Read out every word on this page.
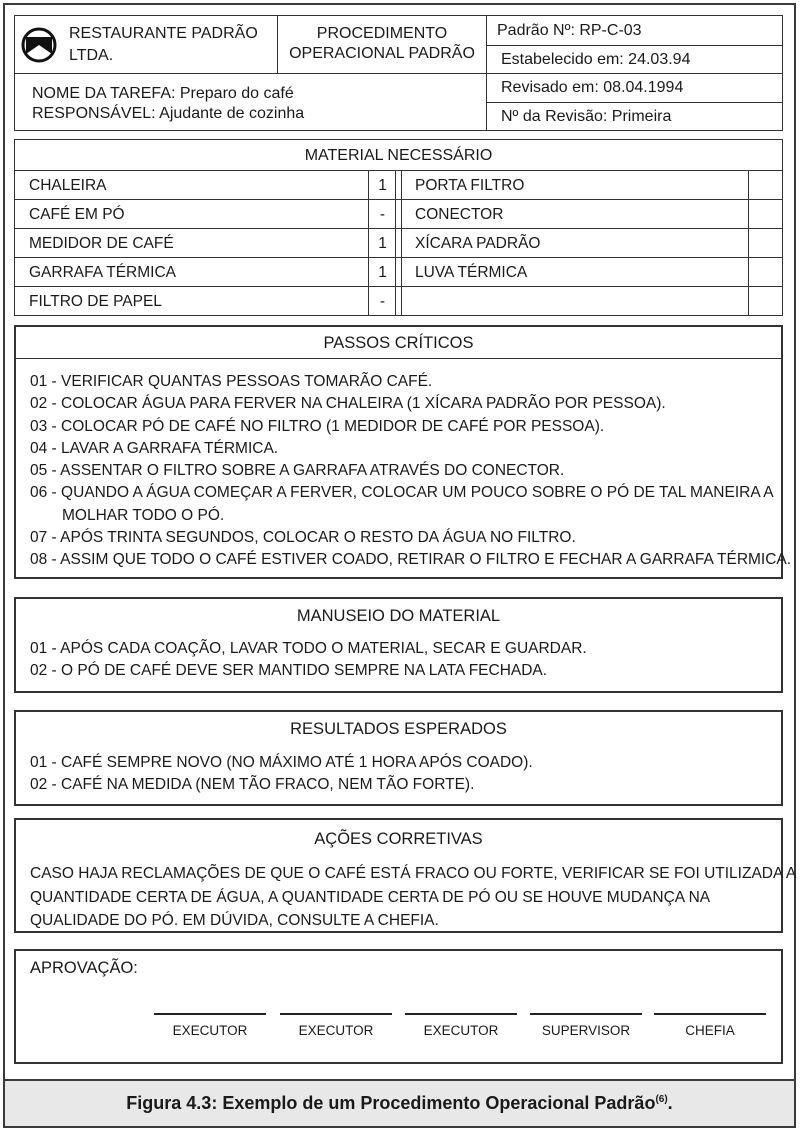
RESTAURANTE PADRÃO
LTDA.
PROCEDIMENTO
OPERACIONAL PADRÃO
NOME DA TAREFA: Preparo do café
RESPONSÁVEL: Ajudante de cozinha
Padrão Nº: RP-C-03
Estabelecido em: 24.03.94
Revisado em: 08.04.1994
Nº da Revisão: Primeira
MATERIAL NECESSÁRIO
CHALEIRA	1	PORTA FILTRO
CAFÉ EM PÓ	-	CONECTOR
MEDIDOR DE CAFÉ	1	XÍCARA PADRÃO
GARRAFA TÉRMICA	1	LUVA TÉRMICA
FILTRO DE PAPEL	-
PASSOS CRÍTICOS
01 - VERIFICAR QUANTAS PESSOAS TOMARÃO CAFÉ.
02 - COLOCAR ÁGUA PARA FERVER NA CHALEIRA (1 XÍCARA PADRÃO POR PESSOA).
03 - COLOCAR PÓ DE CAFÉ NO FILTRO (1 MEDIDOR DE CAFÉ POR PESSOA).
04 - LAVAR A GARRAFA TÉRMICA.
05 - ASSENTAR O FILTRO SOBRE A GARRAFA ATRAVÉS DO CONECTOR.
06 - QUANDO A ÁGUA COMEÇAR A FERVER, COLOCAR UM POUCO SOBRE O PÓ DE TAL MANEIRA A
MOLHAR TODO O PÓ.
07 - APÓS TRINTA SEGUNDOS, COLOCAR O RESTO DA ÁGUA NO FILTRO.
08 - ASSIM QUE TODO O CAFÉ ESTIVER COADO, RETIRAR O FILTRO E FECHAR A GARRAFA TÉRMICA.
MANUSEIO DO MATERIAL
01 - APÓS CADA COAÇÃO, LAVAR TODO O MATERIAL, SECAR E GUARDAR.
02 - O PÓ DE CAFÉ DEVE SER MANTIDO SEMPRE NA LATA FECHADA.
RESULTADOS ESPERADOS
01 - CAFÉ SEMPRE NOVO (NO MÁXIMO ATÉ 1 HORA APÓS COADO).
02 - CAFÉ NA MEDIDA (NEM TÃO FRACO, NEM TÃO FORTE).
AÇÕES CORRETIVAS
CASO HAJA RECLAMAÇÕES DE QUE O CAFÉ ESTÁ FRACO OU FORTE, VERIFICAR SE FOI UTILIZADA A
QUANTIDADE CERTA DE ÁGUA, A QUANTIDADE CERTA DE PÓ OU SE HOUVE MUDANÇA NA
QUALIDADE DO PÓ. EM DÚVIDA, CONSULTE A CHEFIA.
APROVAÇÃO:
EXECUTOR	EXECUTOR	EXECUTOR	SUPERVISOR	CHEFIA
Figura 4.3: Exemplo de um Procedimento Operacional Padrão$^{(6)}$.
